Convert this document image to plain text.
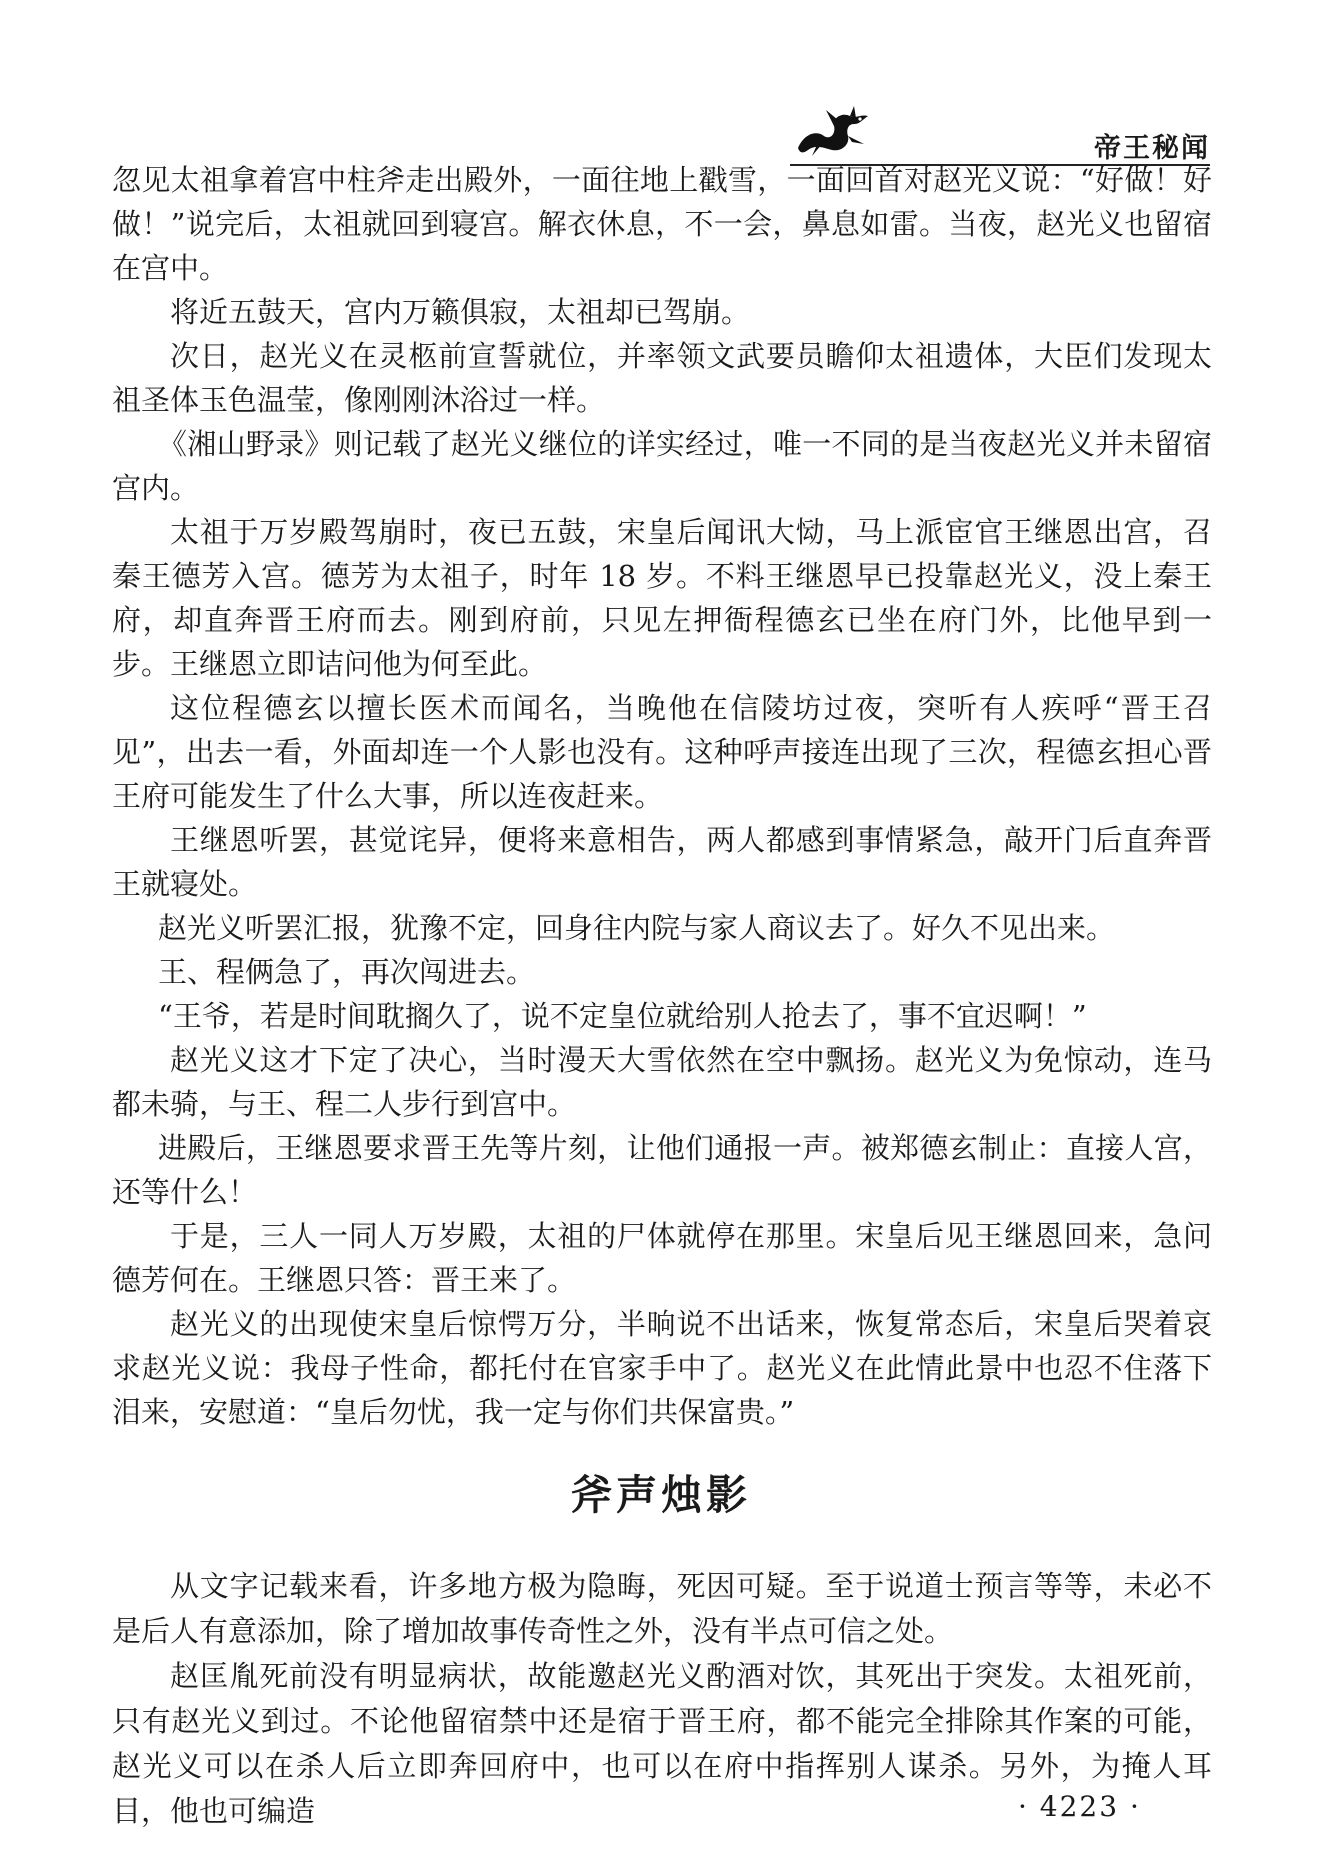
帝王秘闻

忽见太祖拿着宫中柱斧走出殿外，一面往地上戳雪，一面回首对赵光义说：“好做！好做！”说完后，太祖就回到寝宫。解衣休息，不一会，鼻息如雷。当夜，赵光义也留宿在宫中。

将近五鼓天，宫内万籁俱寂，太祖却已驾崩。

次日，赵光义在灵柩前宣誓就位，并率领文武要员瞻仰太祖遗体，大臣们发现太祖圣体玉色温莹，像刚刚沐浴过一样。

《湘山野录》则记载了赵光义继位的详实经过，唯一不同的是当夜赵光义并未留宿宫内。

太祖于万岁殿驾崩时，夜已五鼓，宋皇后闻讯大恸，马上派宦官王继恩出宫，召秦王德芳入宫。德芳为太祖子，时年 18 岁。不料王继恩早已投靠赵光义，没上秦王府，却直奔晋王府而去。刚到府前，只见左押衙程德玄已坐在府门外，比他早到一步。王继恩立即诘问他为何至此。

这位程德玄以擅长医术而闻名，当晚他在信陵坊过夜，突听有人疾呼“晋王召见”，出去一看，外面却连一个人影也没有。这种呼声接连出现了三次，程德玄担心晋王府可能发生了什么大事，所以连夜赶来。

王继恩听罢，甚觉诧异，便将来意相告，两人都感到事情紧急，敲开门后直奔晋王就寝处。

赵光义听罢汇报，犹豫不定，回身往内院与家人商议去了。好久不见出来。

王、程俩急了，再次闯进去。

“王爷，若是时间耽搁久了，说不定皇位就给别人抢去了，事不宜迟啊！”

赵光义这才下定了决心，当时漫天大雪依然在空中飘扬。赵光义为免惊动，连马都未骑，与王、程二人步行到宫中。

进殿后，王继恩要求晋王先等片刻，让他们通报一声。被郑德玄制止：直接人宫，还等什么！

于是，三人一同人万岁殿，太祖的尸体就停在那里。宋皇后见王继恩回来，急问德芳何在。王继恩只答：晋王来了。

赵光义的出现使宋皇后惊愕万分，半晌说不出话来，恢复常态后，宋皇后哭着哀求赵光义说：我母子性命，都托付在官家手中了。赵光义在此情此景中也忍不住落下泪来，安慰道：“皇后勿忧，我一定与你们共保富贵。”

斧声烛影

从文字记载来看，许多地方极为隐晦，死因可疑。至于说道士预言等等，未必不是后人有意添加，除了增加故事传奇性之外，没有半点可信之处。

赵匡胤死前没有明显病状，故能邀赵光义酌酒对饮，其死出于突发。太祖死前，只有赵光义到过。不论他留宿禁中还是宿于晋王府，都不能完全排除其作案的可能，赵光义可以在杀人后立即奔回府中，也可以在府中指挥别人谋杀。另外，为掩人耳目，他也可编造	· 4223 ·
